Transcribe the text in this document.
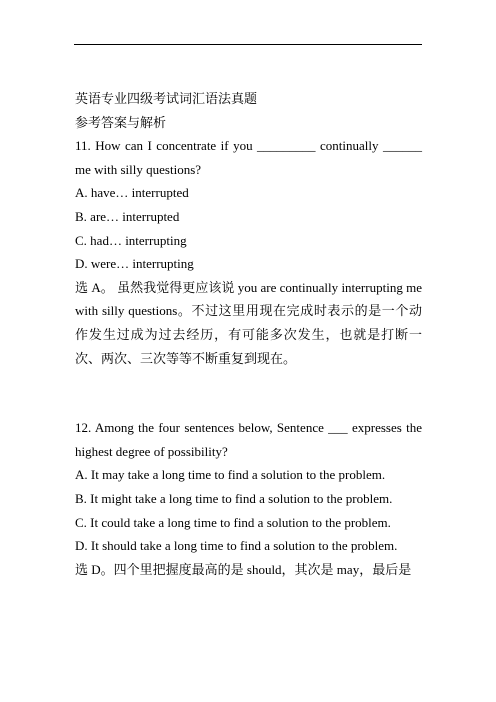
英语专业四级考试词汇语法真题

参考答案与解析

11. How can I concentrate if you _________ continually ______ me with silly questions?

A. have… interrupted

B. are… interrupted

C. had… interrupting

D. were… interrupting

选 A。 虽然我觉得更应该说 you are continually interrupting me with silly questions。不过这里用现在完成时表示的是一个动作发生过成为过去经历，有可能多次发生，也就是打断一次、两次、三次等等不断重复到现在。

12. Among the four sentences below, Sentence ___ expresses the highest degree of possibility?

A. It may take a long time to find a solution to the problem.

B. It might take a long time to find a solution to the problem.

C. It could take a long time to find a solution to the problem.

D. It should take a long time to find a solution to the problem.

选 D。四个里把握度最高的是 should，其次是 may，最后是
